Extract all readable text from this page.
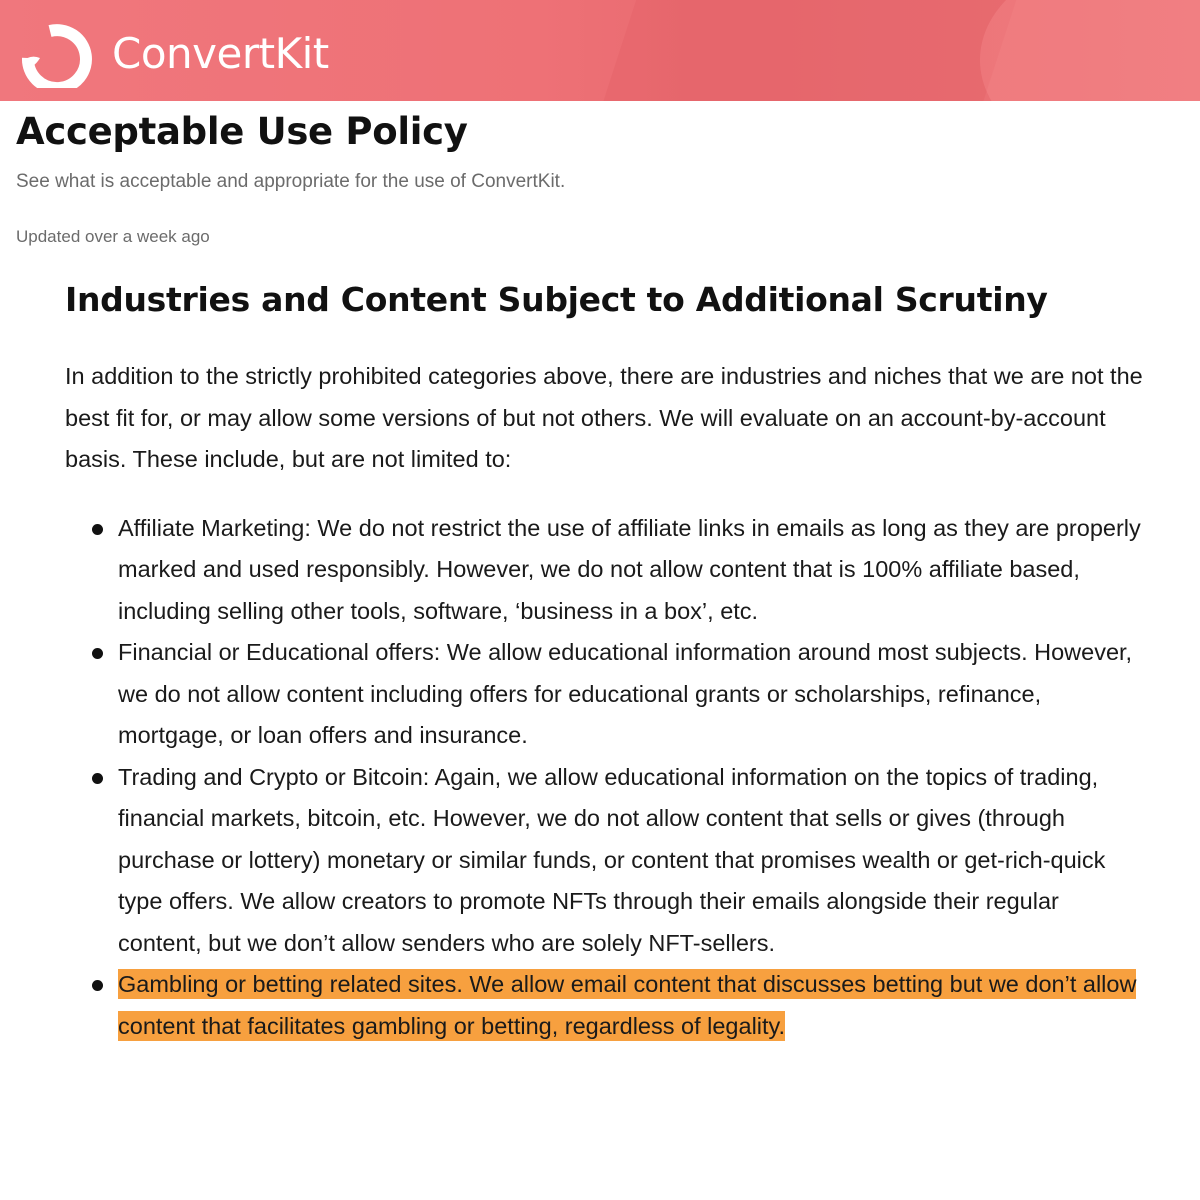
ConvertKit
Acceptable Use Policy

See what is acceptable and appropriate for the use of ConvertKit.

Updated over a week ago

Industries and Content Subject to Additional Scrutiny

In addition to the strictly prohibited categories above, there are industries and niches that we are not the best fit for, or may allow some versions of but not others. We will evaluate on an account-by-account basis. These include, but are not limited to:

Affiliate Marketing: We do not restrict the use of affiliate links in emails as long as they are properly marked and used responsibly. However, we do not allow content that is 100% affiliate based, including selling other tools, software, ‘business in a box’, etc.
Financial or Educational offers: We allow educational information around most subjects. However, we do not allow content including offers for educational grants or scholarships, refinance, mortgage, or loan offers and insurance.
Trading and Crypto or Bitcoin: Again, we allow educational information on the topics of trading, financial markets, bitcoin, etc. However, we do not allow content that sells or gives (through purchase or lottery) monetary or similar funds, or content that promises wealth or get-rich-quick type offers. We allow creators to promote NFTs through their emails alongside their regular content, but we don’t allow senders who are solely NFT-sellers.
Gambling or betting related sites. We allow email content that discusses betting but we don’t allow content that facilitates gambling or betting, regardless of legality.
